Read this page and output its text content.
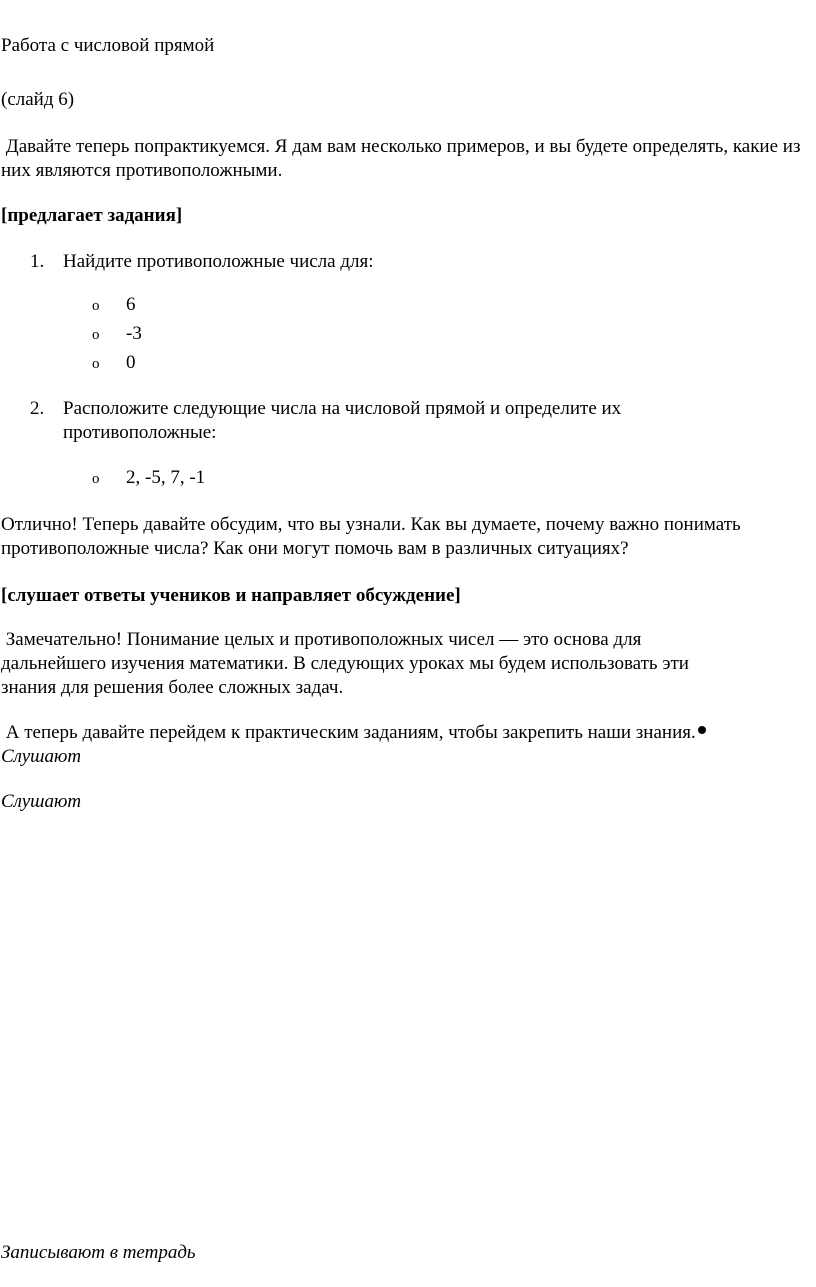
Работа с числовой прямой

(слайд 6)

Давайте теперь попрактикуемся. Я дам вам несколько примеров, и вы будете определять, какие из них являются противоположными.

[предлагает задания]

1. Найдите противоположные числа для:
o 6
o -3
o 0
2. Расположите следующие числа на числовой прямой и определите их противоположные:
o 2, -5, 7, -1

Отлично! Теперь давайте обсудим, что вы узнали. Как вы думаете, почему важно понимать противоположные числа? Как они могут помочь вам в различных ситуациях?

[слушает ответы учеников и направляет обсуждение]

Замечательно! Понимание целых и противоположных чисел — это основа для дальнейшего изучения математики. В следующих уроках мы будем использовать эти знания для решения более сложных задач.

А теперь давайте перейдем к практическим заданиям, чтобы закрепить наши знания.Слушают

Слушают

Записывают в тетрадь
